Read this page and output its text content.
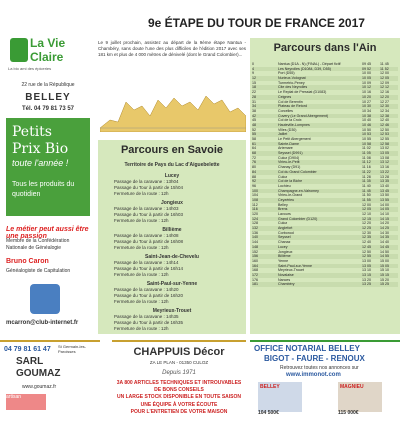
La Vie
Claire
La bio ami des épiceries
22 rue de la République
BELLEY
Tél. 04 79 81 73 57
Petits
Prix Bio
toute l'année !
Tous les produits du quotidien
Le métier peut aussi être une passion
Membre de la Confédération Nationale de Généalogie
Bruno Caron
Généalogiste de Capitulation
mcarron@club-internet.fr
9e ÉTAPE DU TOUR DE FRANCE 2017
Le 9 juillet prochain, assistez au départ de la 9ème étape Nantua - Chambéry, sans doute l'une des plus difficiles de l'édition 2017 avec ses 181 km et plus de 4 000 mètres de dénivelé (dont le Grand Colombier)...
Parcours en Savoie
Territoire de Pays du Lac d'Aiguebelette
Lucey
Passage de la caravane : 13h04
Passage du Tour à partir de 15h04
Fermeture de la route : 12h
Jongieux
Passage de la caravane : 14h03
Passage du Tour à partir de 16h03
Fermeture de la route : 12h
Billième
Passage de la caravane : 14h08
Passage du Tour à partir de 16h08
Fermeture de la route : 12h
Saint-Jean-de-Chevelu
Passage de la caravane : 14h14
Passage du Tour à partir de 16h14
Fermeture de la route : 12h
Saint-Paul-sur-Yenne
Passage de la caravane : 14h20
Passage du Tour à partir de 16h20
Fermeture de la route : 12h
Meyrieux-Trouet
Passage de la caravane : 14h35
Passage du Tour à partir de 16h35
Fermeture de la route : 12h
Parcours dans l'Ain
0	Nantua (D1A - N) (FINAL) - Départ fictif	09 45	11 45
4	Les Neyrolles (D1084, D39, D55)	09 52	11 52
9	Port (D55)	10 00	12 00
12	Nurieux-Volognat	10 05	12 05
15	Turmetrio-Peney	10 09	12 09
18	Cite des Neyrolles	10 12	12 12
22	Le Replat de Pressiat (D1083)	10 16	12 16
28	Ceignes	10 20	12 20
31	Col de Berentin	10 27	12 27
34	Plateau de Retord	10 30	12 30
38	Corcelles	10 34	12 34
42	Cuvery (Le Grand Abergement)	10 38	12 38
45	Col de la Croix	10 40	12 40
48	Hauteville-Lompnes	10 46	12 46
52	Villes (D30)	10 50	12 50
55	Jaillet	10 53	12 53
58	Le Petit Abergement	10 55	12 55
61	Sainte-Dame	10 58	12 58
64	Artemare	11 02	13 02
68	Seyssel (D991)	11 05	13 05
72	Culoz (D904)	11 08	13 08
76	Virieu-le-Petit	11 12	13 12
80	Chanay (D91)	11 16	13 16
84	Col du Grand Colombier	11 22	13 22
88	Culoz	11 28	13 28
92	Col de la Biche	11 35	13 35
96	Lochieu	11 40	13 40
100	Champagne-en-Valromey	11 45	13 45
104	Virieu-le-Grand	11 50	13 50
108	Ceyzérieu	11 55	13 55
112	Belley	12 00	14 00
116	Brens	12 05	14 05
120	Lavours	12 10	14 10
124	Grand Colombier (D120)	12 15	14 15
128	Culoz	12 20	14 20
132	Anglefort	12 25	14 25
136	Corbonod	12 30	14 30
140	Seyssel	12 35	14 35
144	Chanaz	12 40	14 40
148	Lucey	12 45	14 45
152	Jongieux	12 50	14 50
156	Billième	12 55	14 55
160	Yenne	13 00	15 00
164	Saint-Paul-sur-Yenne	13 05	15 05
168	Meyrieux-Trouet	13 10	15 10
172	Novalaise	13 15	15 15
176	Nances	13 20	15 20
181	Chambéry	13 25	15 25
04 79 81 61 47 St Germain-les-Paroisses
SARL
GOUMAZ
www.goumaz.fr
artisan
CHAPPUIS Décor
ZA LE PLAN - 01350 CULOZ
Depuis 1971
3A 800 ARTICLES TECHNIQUES ET INTROUVABLES
DE BONS CONSEILS
UN LARGE STOCK DISPONIBLE EN TOUTE SAISON
UNE ÉQUIPE À VOTRE ÉCOUTE
POUR L'ENTRETIEN DE VOTRE MAISON
OFFICE NOTARIAL BELLEY
BIGOT - FAURE - RENOUX
Retrouvez toutes nos annonces sur
www.immonot.com
BELLEY	MAGNIEU
104 500€	115 000€
